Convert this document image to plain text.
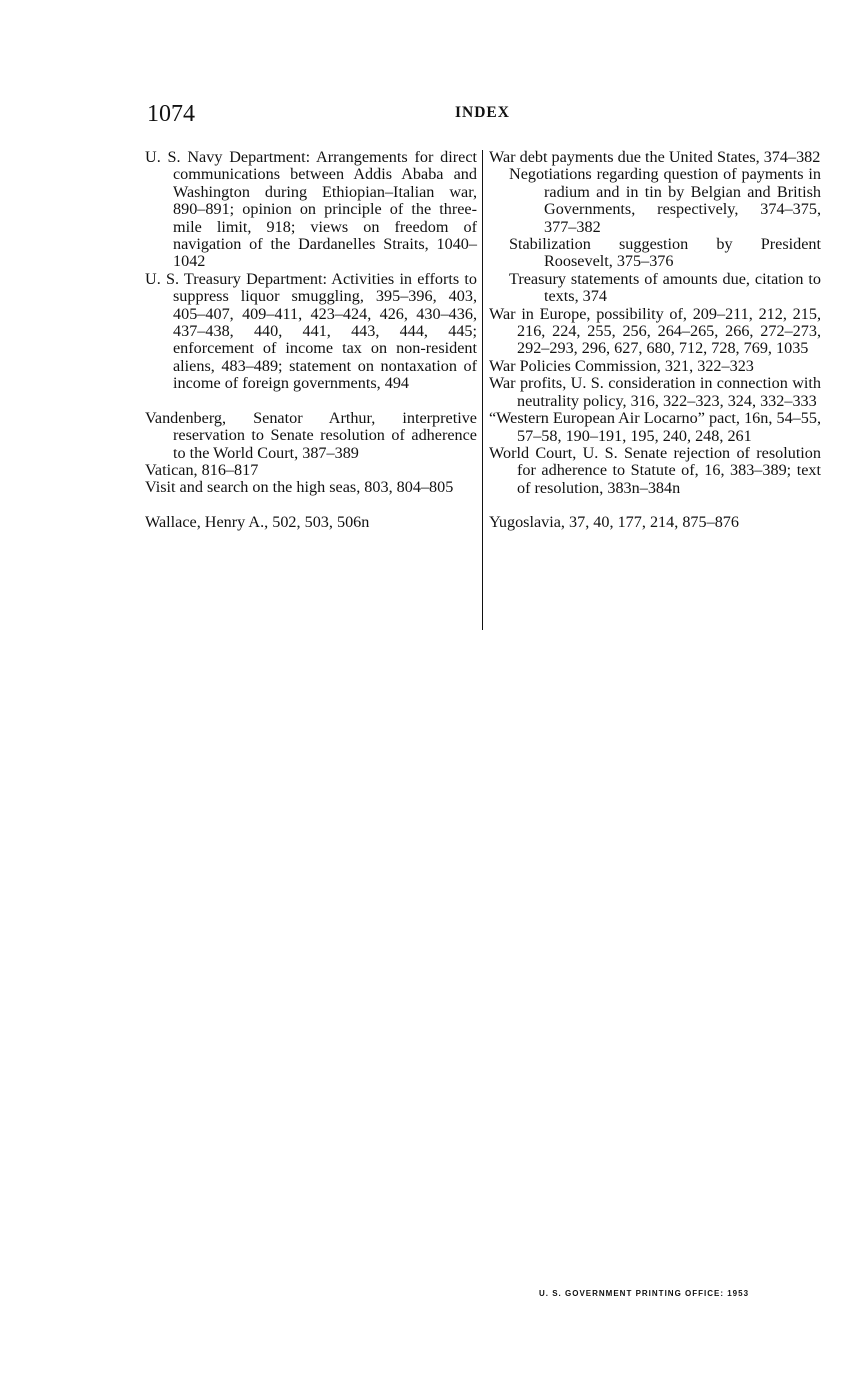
1074	INDEX

U. S. Navy Department: Arrangements for direct communications between Addis Ababa and Washington during Ethiopian–Italian war, 890–891; opinion on principle of the three-mile limit, 918; views on freedom of navigation of the Dardanelles Straits, 1040–1042

U. S. Treasury Department: Activities in efforts to suppress liquor smuggling, 395–396, 403, 405–407, 409–411, 423–424, 426, 430–436, 437–438, 440, 441, 443, 444, 445; enforcement of income tax on non-resident aliens, 483–489; statement on nontaxation of income of foreign governments, 494

Vandenberg, Senator Arthur, interpretive reservation to Senate resolution of adherence to the World Court, 387–389

Vatican, 816–817

Visit and search on the high seas, 803, 804–805

Wallace, Henry A., 502, 503, 506n

War debt payments due the United States, 374–382

Negotiations regarding question of payments in radium and in tin by Belgian and British Governments, respectively, 374–375, 377–382

Stabilization suggestion by President Roosevelt, 375–376

Treasury statements of amounts due, citation to texts, 374

War in Europe, possibility of, 209–211, 212, 215, 216, 224, 255, 256, 264–265, 266, 272–273, 292–293, 296, 627, 680, 712, 728, 769, 1035

War Policies Commission, 321, 322–323

War profits, U. S. consideration in connection with neutrality policy, 316, 322–323, 324, 332–333

“Western European Air Locarno” pact, 16n, 54–55, 57–58, 190–191, 195, 240, 248, 261

World Court, U. S. Senate rejection of resolution for adherence to Statute of, 16, 383–389; text of resolution, 383n–384n

Yugoslavia, 37, 40, 177, 214, 875–876

U. S. GOVERNMENT PRINTING OFFICE: 1953
